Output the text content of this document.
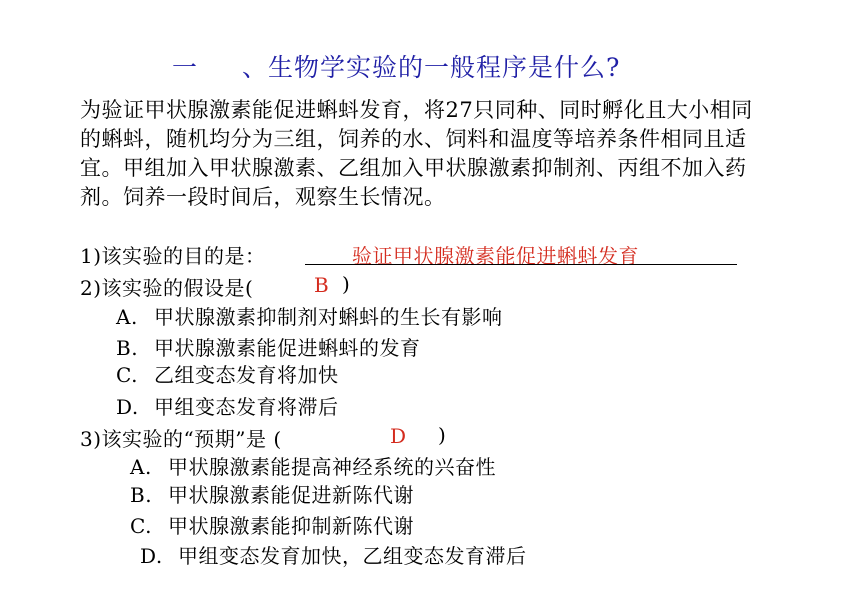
一 、生物学实验的一般程序是什么?
为验证甲状腺激素能促进蝌蚪发育，将27只同种、同时孵化且大小相同的蝌蚪，随机均分为三组，饲养的水、饲料和温度等培养条件相同且适宜。甲组加入甲状腺激素、乙组加入甲状腺激素抑制剂、丙组不加入药剂。饲养一段时间后，观察生长情况。
1)该实验的目的是：	验证甲状腺激素能促进蝌蚪发育
2)该实验的假设是(	B )
A. 甲状腺激素抑制剂对蝌蚪的生长有影响
B. 甲状腺激素能促进蝌蚪的发育
C. 乙组变态发育将加快
D. 甲组变态发育将滞后
3)该实验的“预期”是 (	D )
A. 甲状腺激素能提高神经系统的兴奋性
B. 甲状腺激素能促进新陈代谢
C. 甲状腺激素能抑制新陈代谢
D. 甲组变态发育加快，乙组变态发育滞后
